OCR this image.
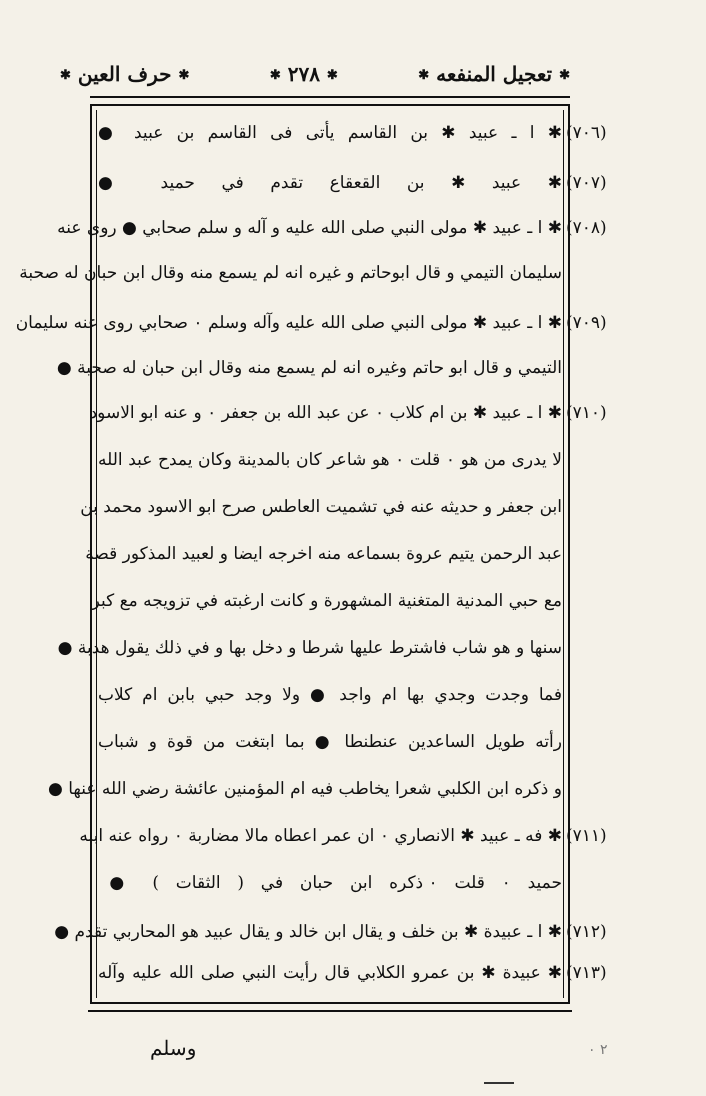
✱ تعجيل المنفعه ✱
✱ ٢٧٨ ✱
✱ حرف العين ✱
(٧٠٦)
✱ ا ـ عبيد ✱ بن القاسم يأتى فى القاسم بن عبيد ●
(٧٠٧)
✱ عبيد ✱ بن القعقاع تقدم في حميد ●
(٧٠٨)
✱ ا ـ عبيد ✱ مولى النبي صلى الله عليه و آله و سلم صحابي ● روى عنه
سليمان التيمي و قال ابوحاتم و غيره انه لم يسمع منه وقال ابن حبان له صحبة
(٧٠٩)
✱ ا ـ عبيد ✱ مولى النبي صلى الله عليه وآله وسلم ٠ صحابي روى عنه سليمان
التيمي و قال ابو حاتم وغيره انه لم يسمع منه وقال ابن حبان له صحبة ●
(٧١٠)
✱ ا ـ عبيد ✱ بن ام كلاب ٠ عن عبد الله بن جعفر ٠ و عنه ابو الاسود
لا يدرى من هو ٠ قلت ٠ هو شاعر كان بالمدينة وكان يمدح عبد الله
ابن جعفر و حديثه عنه في تشميت العاطس صرح ابو الاسود محمد بن
عبد الرحمن يتيم عروة بسماعه منه اخرجه ايضا و لعبيد المذكور قصة
مع حبي المدنية المتغنية المشهورة و كانت ارغبته في تزويجه مع كبر
سنها و هو شاب فاشترط عليها شرطا و دخل بها و في ذلك يقول هدبة ●
فما وجدت وجدي بها ام واجد ● ولا وجد حبي بابن ام كلاب
رأته طويل الساعدين عنطنطا ● بما ابتغت من قوة و شباب
و ذكره ابن الكلبي شعرا يخاطب فيه ام المؤمنين عائشة رضي الله عنها ●
(٧١١)
✱ فه ـ عبيد ✱ الانصاري ٠ ان عمر اعطاه مالا مضاربة ٠ رواه عنه ابنه
حميد ٠ قلت ٠ ذكره ابن حبان في ( الثقات ) ●
(٧١٢)
✱ ا ـ عبيدة ✱ بن خلف و يقال ابن خالد و يقال عبيد هو المحاربي تقدم ●
(٧١٣)
✱ عبيدة ✱ بن عمرو الكلابي قال رأيت النبي صلى الله عليه وآله
وسلم	٢ ٠
